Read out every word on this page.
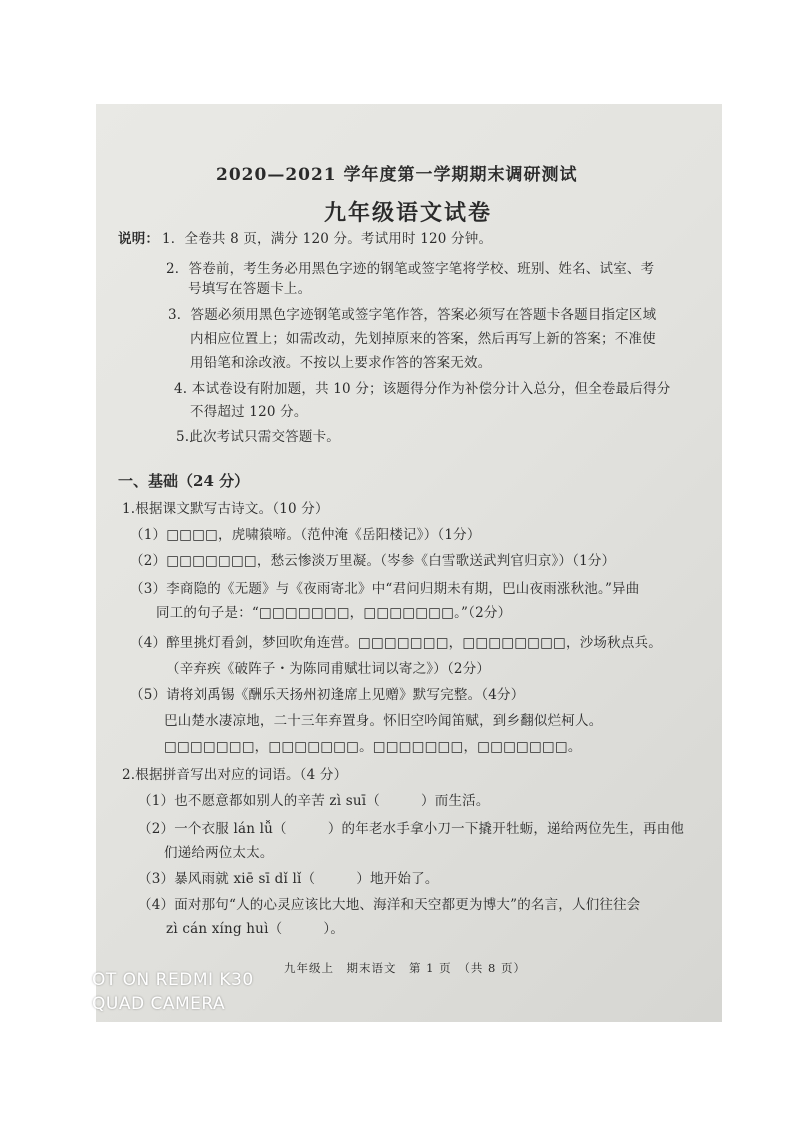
2020—2021 学年度第一学期期末调研测试
九年级语文试卷
说明： 1．全卷共 8 页，满分 120 分。考试用时 120 分钟。
2．答卷前，考生务必用黑色字迹的钢笔或签字笔将学校、班别、姓名、试室、考
号填写在答题卡上。
3．答题必须用黑色字迹钢笔或签字笔作答，答案必须写在答题卡各题目指定区域
内相应位置上；如需改动，先划掉原来的答案，然后再写上新的答案；不准使
用铅笔和涂改液。不按以上要求作答的答案无效。
4. 本试卷设有附加题，共 10 分；该题得分作为补偿分计入总分，但全卷最后得分
不得超过 120 分。
5.此次考试只需交答题卡。
一、基础（24 分）
1.根据课文默写古诗文。（10 分）
（1）□□□□，虎啸猿啼。（范仲淹《岳阳楼记》）（1分）
（2）□□□□□□□，愁云惨淡万里凝。（岑参《白雪歌送武判官归京》）（1分）
（3）李商隐的《无题》与《夜雨寄北》中“君问归期未有期，巴山夜雨涨秋池。”异曲
同工的句子是：“□□□□□□□，□□□□□□□。”（2分）
（4）醉里挑灯看剑，梦回吹角连营。□□□□□□□，□□□□□□□□，沙场秋点兵。
（辛弃疾《破阵子・为陈同甫赋壮词以寄之》）（2分）
（5）请将刘禹锡《酬乐天扬州初逢席上见赠》默写完整。（4分）
巴山楚水凄凉地，二十三年弃置身。怀旧空吟闻笛赋，到乡翻似烂柯人。
□□□□□□□，□□□□□□□。□□□□□□□，□□□□□□□。
2.根据拼音写出对应的词语。（4 分）
（1）也不愿意都如别人的辛苦 zì suī（　　　）而生活。
（2）一个衣服 lán lǚ（　　　）的年老水手拿小刀一下撬开牡蛎，递给两位先生，再由他
们递给两位太太。
（3）暴风雨就 xiē sī dǐ lǐ（　　　）地开始了。
（4）面对那句“人的心灵应该比大地、海洋和天空都更为博大”的名言，人们往往会
zì cán xíng huì（　　　）。
九年级上　期末语文　第 1 页　（共 8 页）
OT ON REDMI K30
QUAD CAMERA
